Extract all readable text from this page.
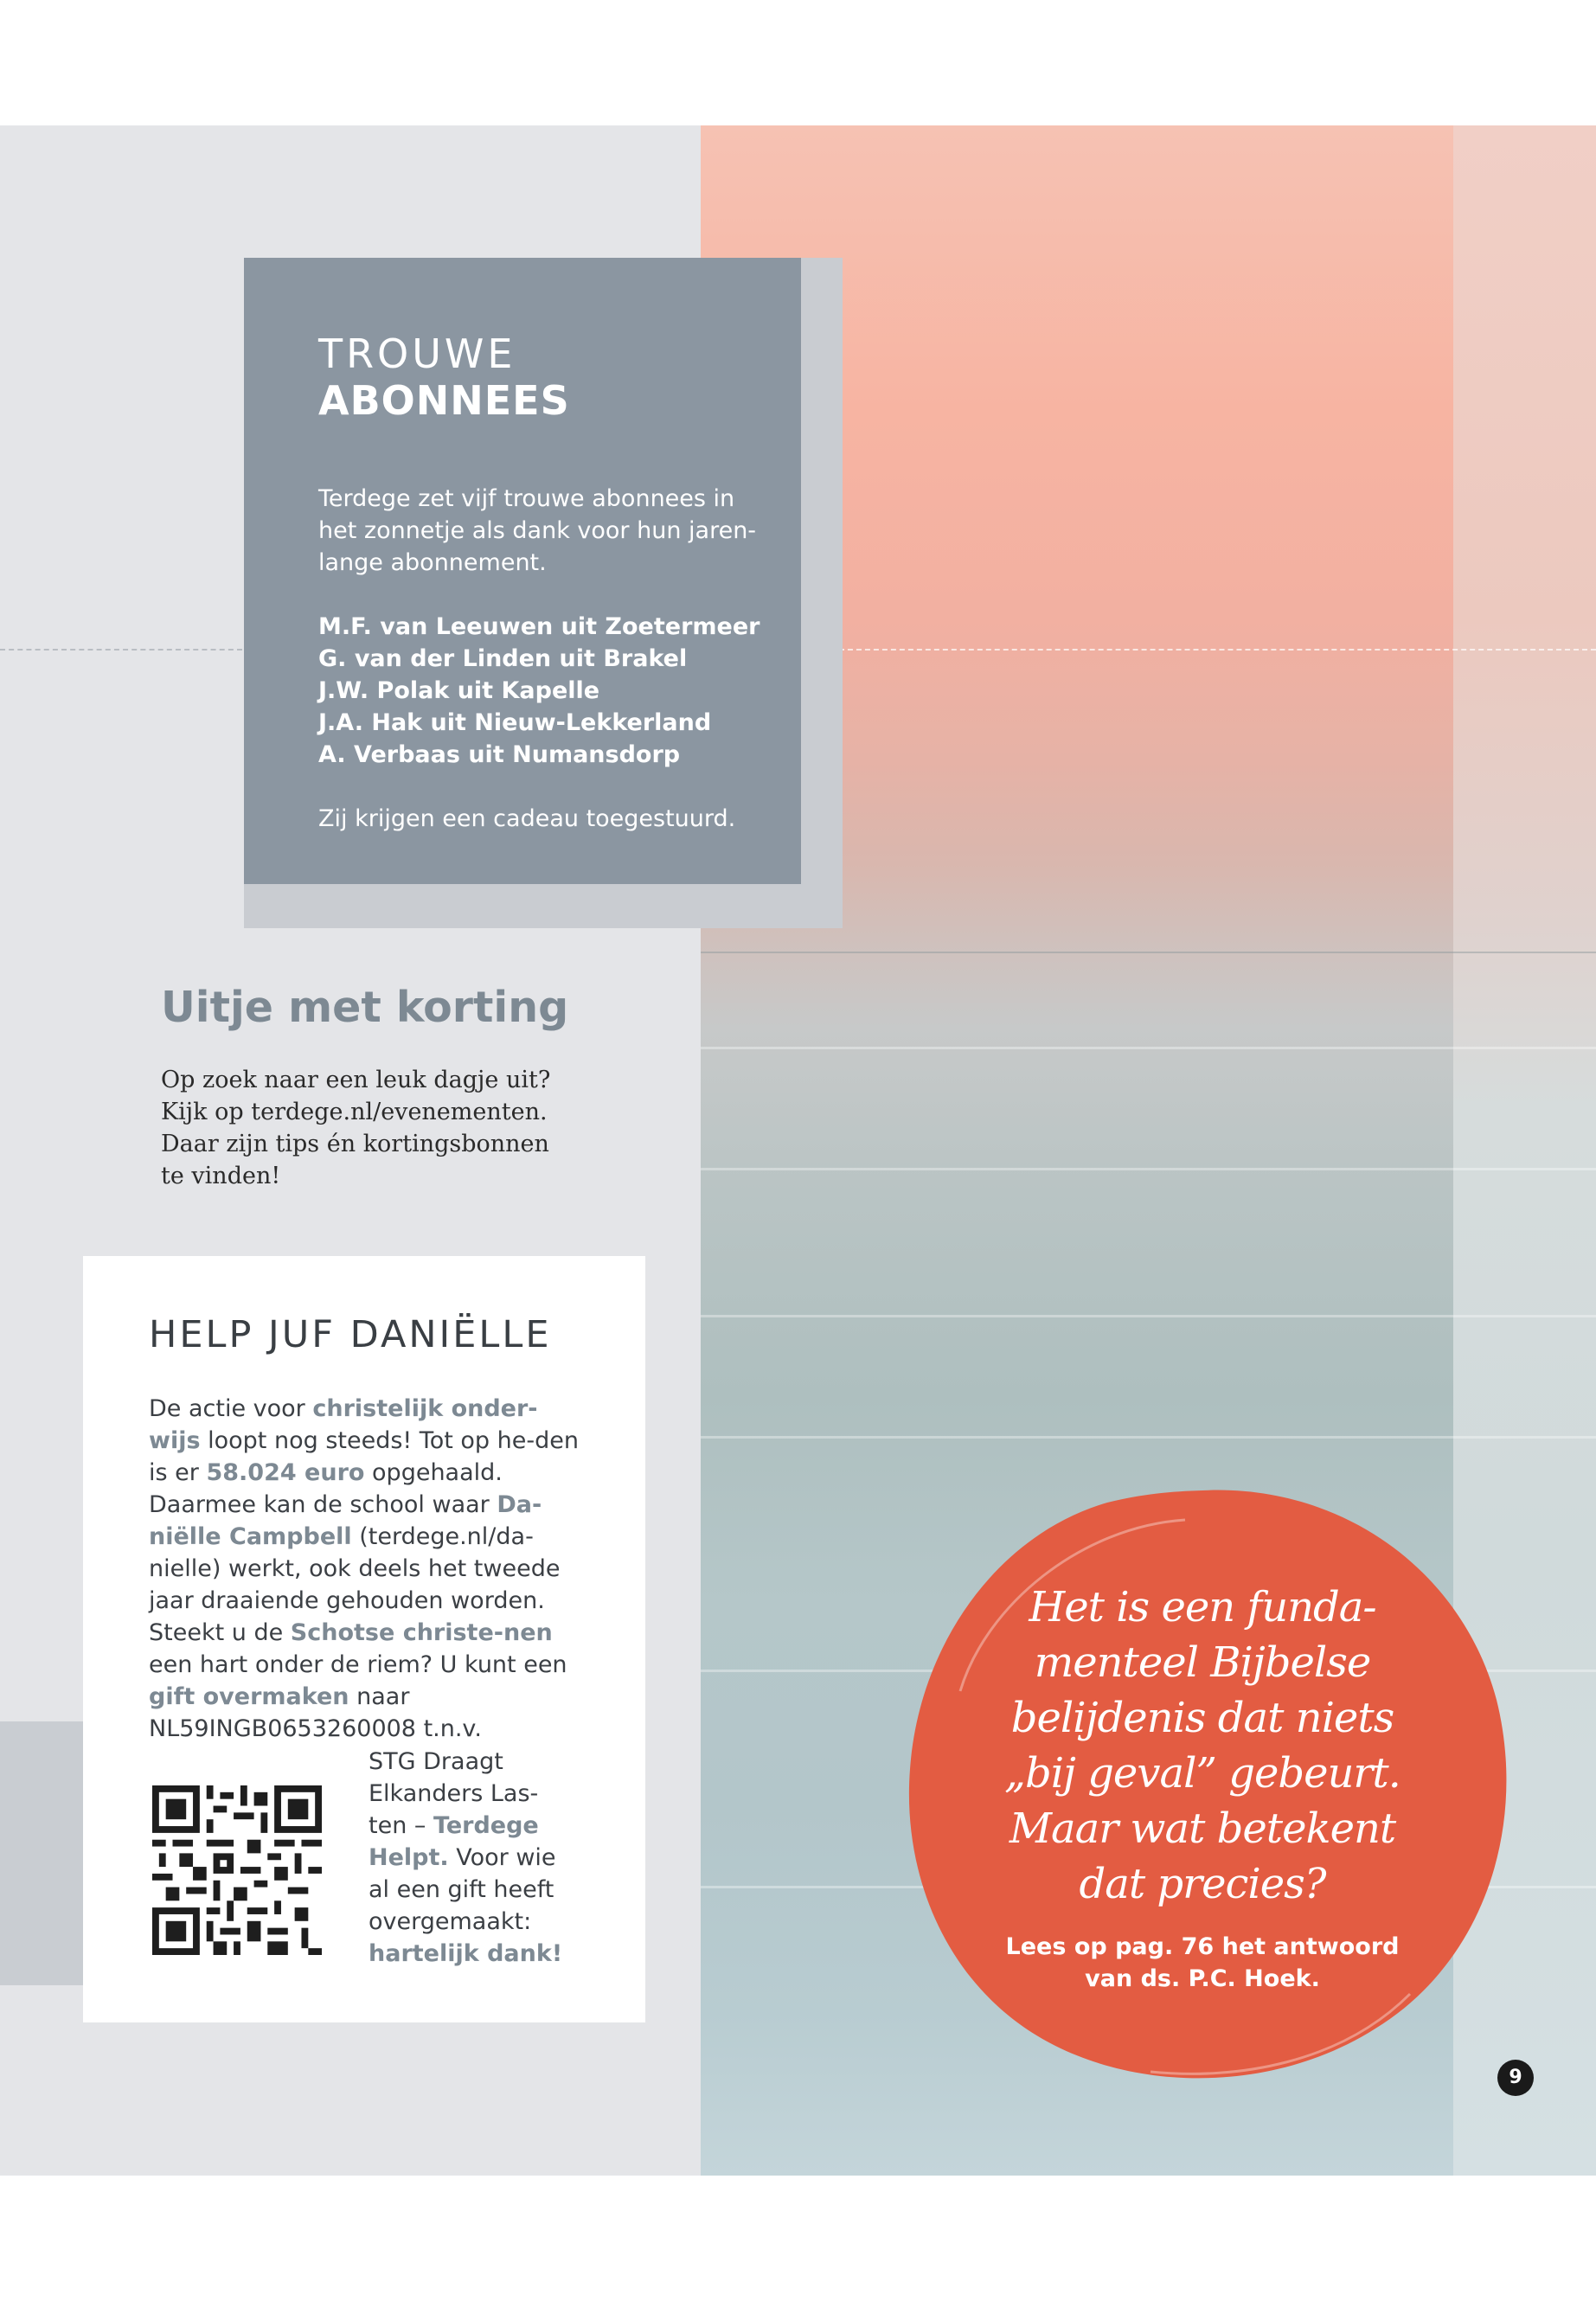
TROUWE
ABONNEES

Terdege zet vijf trouwe abonnees in het zonnetje als dank voor hun jaren-lange abonnement.

M.F. van Leeuwen uit Zoetermeer

G. van der Linden uit Brakel

J.W. Polak uit Kapelle

J.A. Hak uit Nieuw-Lekkerland

A. Verbaas uit Numansdorp

Zij krijgen een cadeau toegestuurd.

Uitje met korting

Op zoek naar een leuk dagje uit? Kijk op terdege.nl/evenementen. Daar zijn tips én kortingsbonnen te vinden!

HELP JUF DANIËLLE

De actie voor christelijk onder-wijs loopt nog steeds! Tot op he-den is er 58.024 euro opgehaald. Daarmee kan de school waar Da-niëlle Campbell (terdege.nl/da-nielle) werkt, ook deels het tweede jaar draaiende gehouden worden. Steekt u de Schotse christe-nen een hart onder de riem? U kunt een gift overmaken naar NL59INGB0653260008 t.n.v.

STG Draagt Elkanders Las-ten – Terdege Helpt. Voor wie al een gift heeft overgemaakt: hartelijk dank!

Het is een funda-menteel Bijbelse belijdenis dat niets „bij geval” gebeurt. Maar wat betekent dat precies?

Lees op pag. 76 het antwoord van ds. P.C. Hoek.

9
